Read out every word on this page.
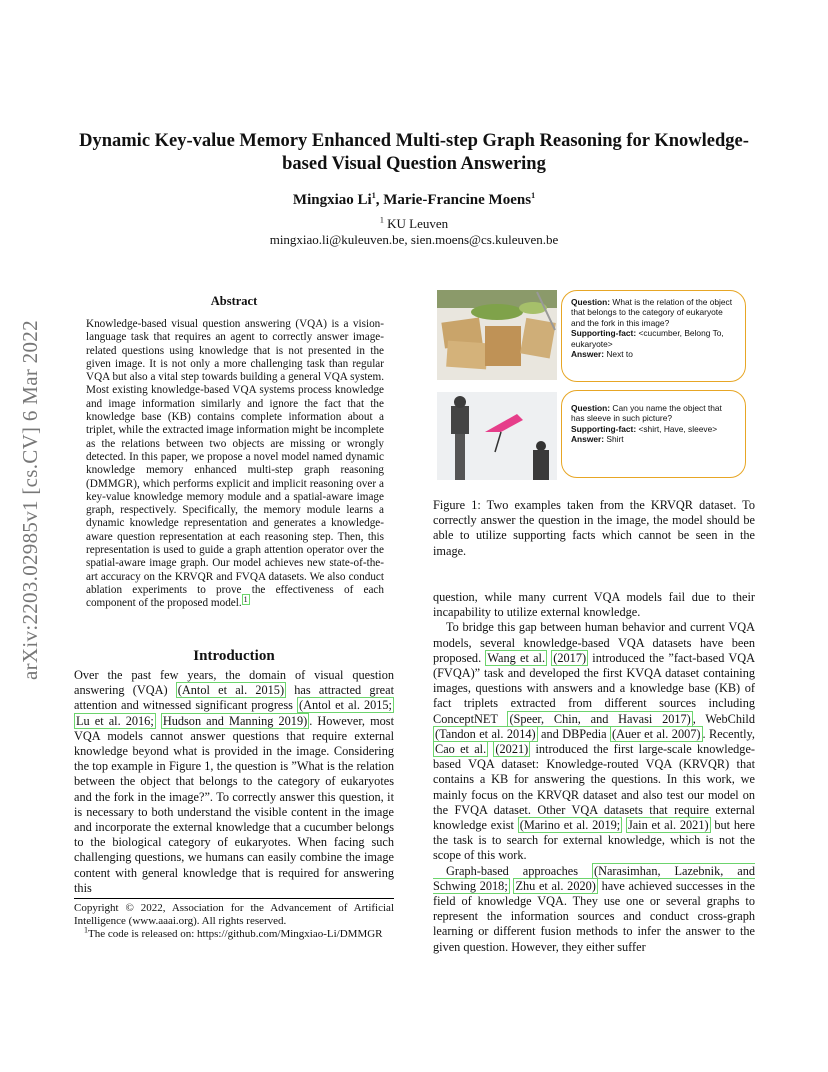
arXiv:2203.02985v1 [cs.CV] 6 Mar 2022
Dynamic Key-value Memory Enhanced Multi-step Graph Reasoning for Knowledge-based Visual Question Answering
Mingxiao Li$^1$, Marie-Francine Moens$^1$
$^1$ KU Leuven
mingxiao.li@kuleuven.be, sien.moens@cs.kuleuven.be
Abstract
Knowledge-based visual question answering (VQA) is a vision-language task that requires an agent to correctly answer image-related questions using knowledge that is not presented in the given image. It is not only a more challenging task than regular VQA but also a vital step towards building a general VQA system. Most existing knowledge-based VQA systems process knowledge and image information similarly and ignore the fact that the knowledge base (KB) contains complete information about a triplet, while the extracted image information might be incomplete as the relations between two objects are missing or wrongly detected. In this paper, we propose a novel model named dynamic knowledge memory enhanced multi-step graph reasoning (DMMGR), which performs explicit and implicit reasoning over a key-value knowledge memory module and a spatial-aware image graph, respectively. Specifically, the memory module learns a dynamic knowledge representation and generates a knowledge-aware question representation at each reasoning step. Then, this representation is used to guide a graph attention operator over the spatial-aware image graph. Our model achieves new state-of-the-art accuracy on the KRVQR and FVQA datasets. We also conduct ablation experiments to prove the effectiveness of each component of the proposed model. $^1$
Introduction

Over the past few years, the domain of visual question answering (VQA) (Antol et al. 2015) has attracted great attention and witnessed significant progress (Antol et al. 2015; Lu et al. 2016; Hudson and Manning 2019) . However, most VQA models cannot answer questions that require external knowledge beyond what is provided in the image. Considering the top example in Figure 1, the question is ”What is the relation between the object that belongs to the category of eukaryotes and the fork in the image?”. To correctly answer this question, it is necessary to both understand the visible content in the image and incorporate the external knowledge that a cucumber belongs to the biological category of eukaryotes. When facing such challenging questions, we humans can easily combine the image content with general knowledge that is required for answering this

Copyright © 2022, Association for the Advancement of Artificial Intelligence (www.aaai.org). All rights reserved.

$^1$The code is released on: https://github.com/Mingxiao-Li/DMMGR

Question: What is the relation of the object that belongs to the category of eukaryote and the fork in this image?
Supporting-fact: <cucumber, Belong To, eukaryote>
Answer: Next to
Question: Can you name the object that has sleeve in such picture?
Supporting-fact: <shirt, Have, sleeve>
Answer: Shirt
Figure 1: Two examples taken from the KRVQR dataset. To correctly answer the question in the image, the model should be able to utilize supporting facts which cannot be seen in the image.

question, while many current VQA models fail due to their incapability to utilize external knowledge.

To bridge this gap between human behavior and current VQA models, several knowledge-based VQA datasets have been proposed. Wang et al. (2017) introduced the ”fact-based VQA (FVQA)” task and developed the first KVQA dataset containing images, questions with answers and a knowledge base (KB) of fact triplets extracted from different sources including ConceptNET (Speer, Chin, and Havasi 2017) , WebChild (Tandon et al. 2014) and DBPedia (Auer et al. 2007) . Recently, Cao et al. (2021) introduced the first large-scale knowledge-based VQA dataset: Knowledge-routed VQA (KRVQR) that contains a KB for answering the questions. In this work, we mainly focus on the KRVQR dataset and also test our model on the FVQA dataset. Other VQA datasets that require external knowledge exist (Marino et al. 2019; Jain et al. 2021) but here the task is to search for external knowledge, which is not the scope of this work.

Graph-based approaches (Narasimhan, Lazebnik, and Schwing 2018; Zhu et al. 2020) have achieved successes in the field of knowledge VQA. They use one or several graphs to represent the information sources and conduct cross-graph learning or different fusion methods to infer the answer to the given question. However, they either suffer
